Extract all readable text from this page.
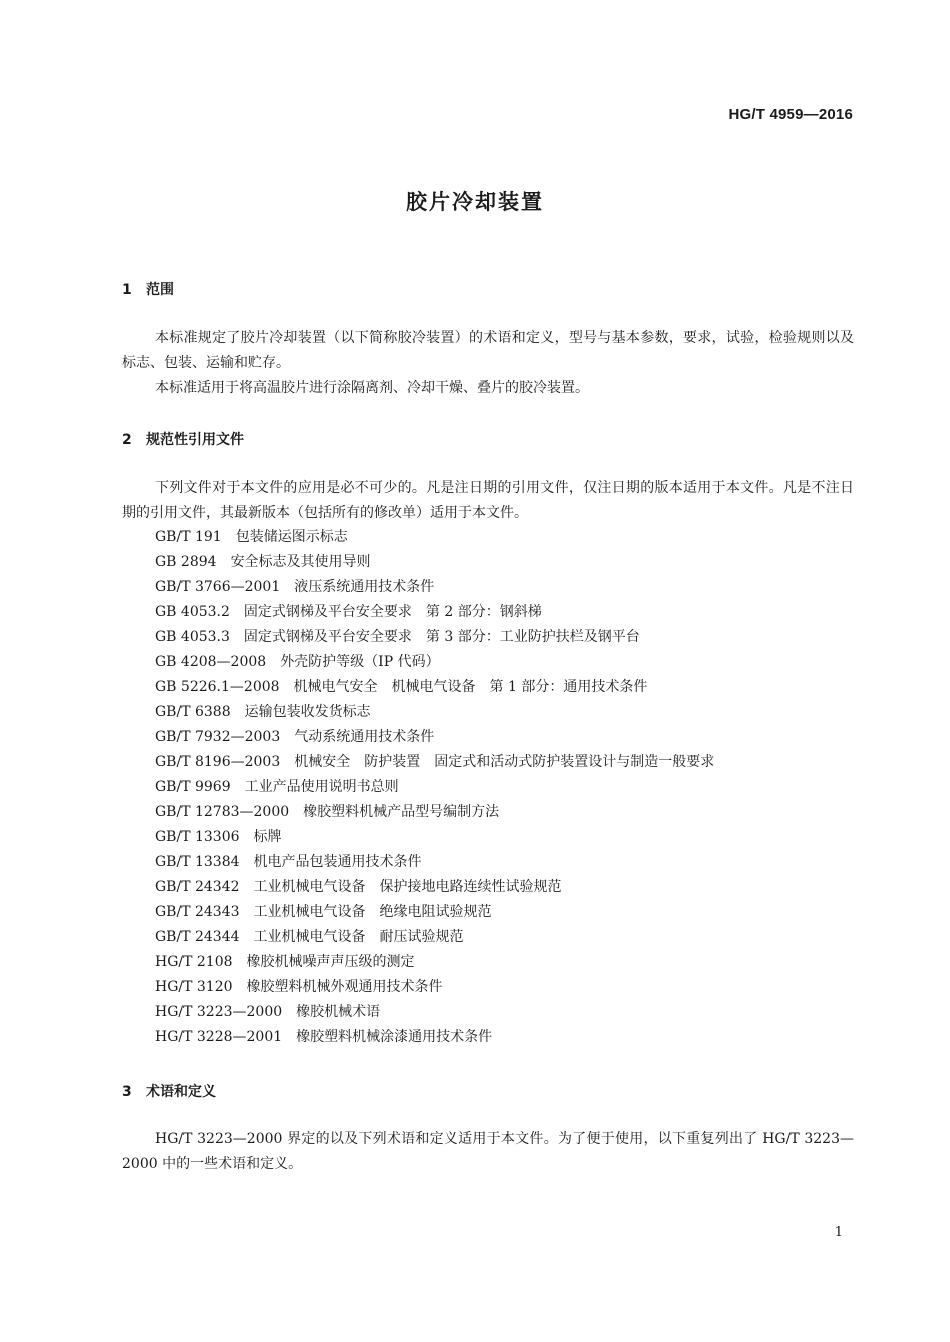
HG/T 4959—2016
胶片冷却装置
1 范围

本标准规定了胶片冷却装置（以下简称胶冷装置）的术语和定义，型号与基本参数，要求，试验，检验规则以及标志、包装、运输和贮存。

本标准适用于将高温胶片进行涂隔离剂、冷却干燥、叠片的胶冷装置。

2 规范性引用文件

下列文件对于本文件的应用是必不可少的。凡是注日期的引用文件，仅注日期的版本适用于本文件。凡是不注日期的引用文件，其最新版本（包括所有的修改单）适用于本文件。

GB/T 191 包装储运图示标志
GB 2894 安全标志及其使用导则
GB/T 3766—2001 液压系统通用技术条件
GB 4053.2 固定式钢梯及平台安全要求　第 2 部分：钢斜梯
GB 4053.3 固定式钢梯及平台安全要求　第 3 部分：工业防护扶栏及钢平台
GB 4208—2008 外壳防护等级（IP 代码）
GB 5226.1—2008 机械电气安全　机械电气设备　第 1 部分：通用技术条件
GB/T 6388 运输包装收发货标志
GB/T 7932—2003 气动系统通用技术条件
GB/T 8196—2003 机械安全　防护装置　固定式和活动式防护装置设计与制造一般要求
GB/T 9969 工业产品使用说明书总则
GB/T 12783—2000 橡胶塑料机械产品型号编制方法
GB/T 13306 标牌
GB/T 13384 机电产品包装通用技术条件
GB/T 24342 工业机械电气设备　保护接地电路连续性试验规范
GB/T 24343 工业机械电气设备　绝缘电阻试验规范
GB/T 24344 工业机械电气设备　耐压试验规范
HG/T 2108 橡胶机械噪声声压级的测定
HG/T 3120 橡胶塑料机械外观通用技术条件
HG/T 3223—2000 橡胶机械术语
HG/T 3228—2001 橡胶塑料机械涂漆通用技术条件
3 术语和定义

HG/T 3223—2000 界定的以及下列术语和定义适用于本文件。为了便于使用，以下重复列出了 HG/T 3223—2000 中的一些术语和定义。

1
